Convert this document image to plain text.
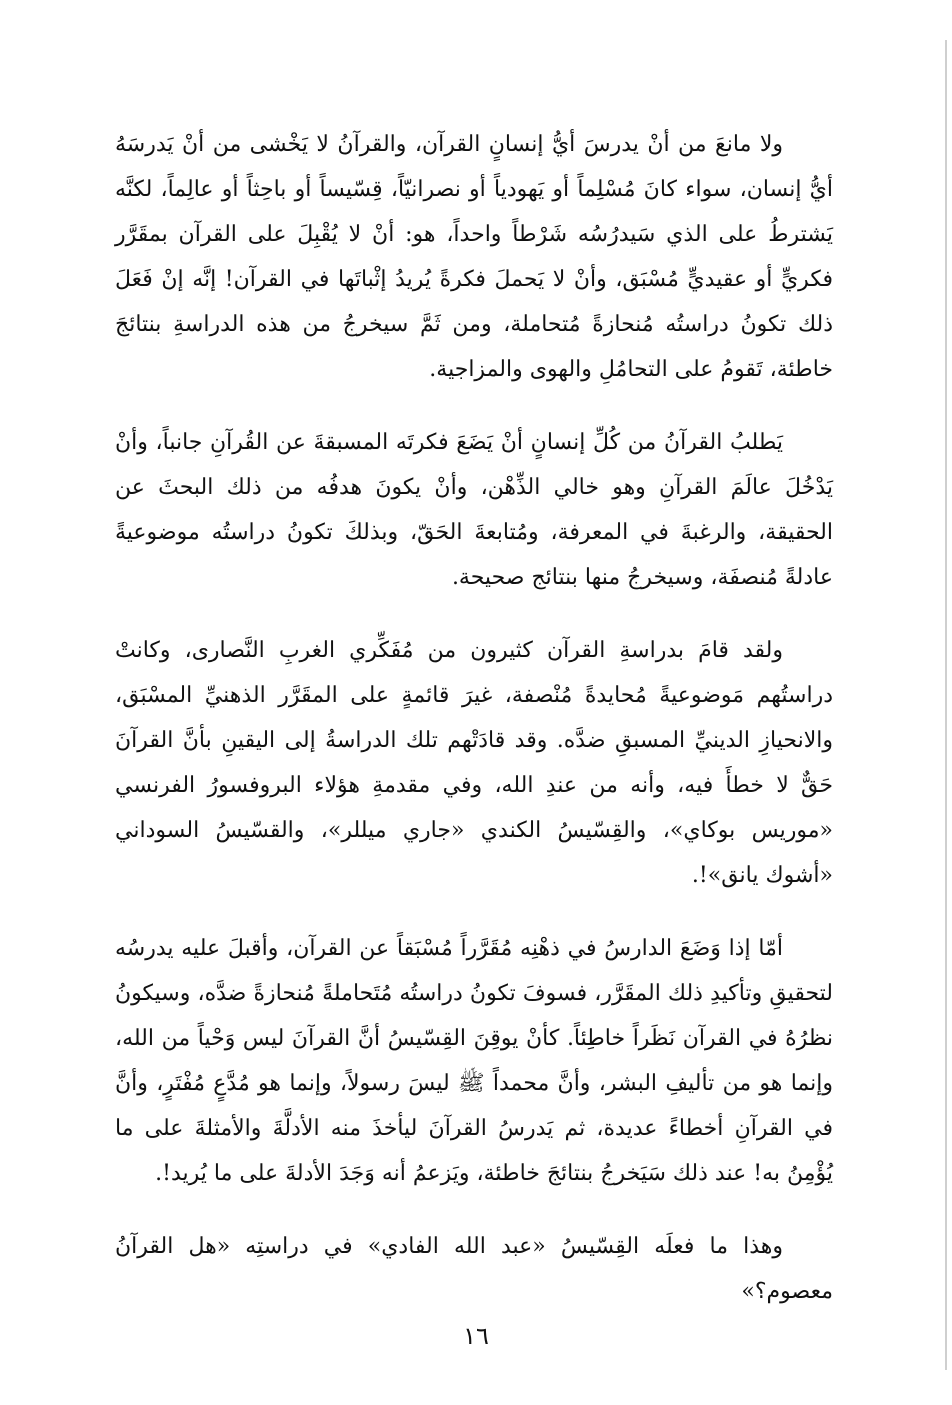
ولا مانعَ من أنْ يدرسَ أيُّ إنسانٍ القرآن، والقرآنُ لا يَخْشى من أنْ يَدرسَهُ أيُّ إنسان، سواء كانَ مُسْلِماً أو يَهودياً أو نصرانيّاً، قِسّيساً أو باحِثاً أو عالِماً، لكنَّه يَشترطُ على الذي سَيدرُسُه شَرْطاً واحداً، هو: أنْ لا يُقْبِلَ على القرآن بمقَرَّر فكريٍّ أو عقيديٍّ مُسْبَق، وأنْ لا يَحملَ فكرةً يُريدُ إثْباتَها في القرآن! إنَّه إنْ فَعَلَ ذلك تكونُ دراستُه مُنحازةً مُتحاملة، ومن ثَمَّ سيخرجُ من هذه الدراسةِ بنتائجَ خاطئة، تَقومُ على التحامُلِ والهوى والمزاجية.

يَطلبُ القرآنُ من كُلِّ إنسانٍ أنْ يَضَعَ فكرتَه المسبقةَ عن القُرآنِ جانباً، وأنْ يَدْخُلَ عالَمَ القرآنِ وهو خالي الذِّهْن، وأنْ يكونَ هدفُه من ذلك البحثَ عن الحقيقة، والرغبةَ في المعرفة، ومُتابعةَ الحَقّ، وبذلكَ تكونُ دراستُه موضوعيةً عادلةً مُنصفَة، وسيخرجُ منها بنتائج صحيحة.

ولقد قامَ بدراسةِ القرآن كثيرون من مُفَكِّري الغربِ النَّصارى، وكانتْ دراستُهم مَوضوعيةً مُحايدةً مُنْصفة، غيرَ قائمةٍ على المقَرَّر الذهنيِّ المسْبَق، والانحيازِ الدينيِّ المسبقِ ضدَّه. وقد قادَتْهم تلك الدراسةُ إلى اليقينِ بأنَّ القرآنَ حَقٌّ لا خطأَ فيه، وأنه من عندِ الله، وفي مقدمةِ هؤلاء البروفسورُ الفرنسي «موريس بوكاي»، والقِسّيسُ الكندي «جاري ميللر»، والقسّيسُ السوداني «أشوك يانق»!.

أمّا إذا وَضَعَ الدارسُ في ذهْنِه مُقَرَّراً مُسْبَقاً عن القرآن، وأقبلَ عليه يدرسُه لتحقيقِ وتأكيدِ ذلك المقَرَّر، فسوفَ تكونُ دراستُه مُتَحاملةً مُنحازةً ضدَّه، وسيكونُ نظرُهُ في القرآن نَظَراً خاطِئاً. كأنْ يوقِنَ القِسّيسُ أنَّ القرآنَ ليس وَحْياً من الله، وإنما هو من تأليفِ البشر، وأنَّ محمداً ﷺ ليسَ رسولاً، وإنما هو مُدَّعٍ مُفْتَرٍ، وأنَّ في القرآنِ أخطاءً عديدة، ثم يَدرسُ القرآنَ ليأخذَ منه الأدلَّةَ والأمثلةَ على ما يُؤْمِنُ به! عند ذلك سَيَخرجُ بنتائجَ خاطئة، ويَزعمُ أنه وَجَدَ الأدلةَ على ما يُريد!.

وهذا ما فعلَه القِسّيسُ «عبد الله الفادي» في دراستِه «هل القرآنُ معصوم؟»

١٦
